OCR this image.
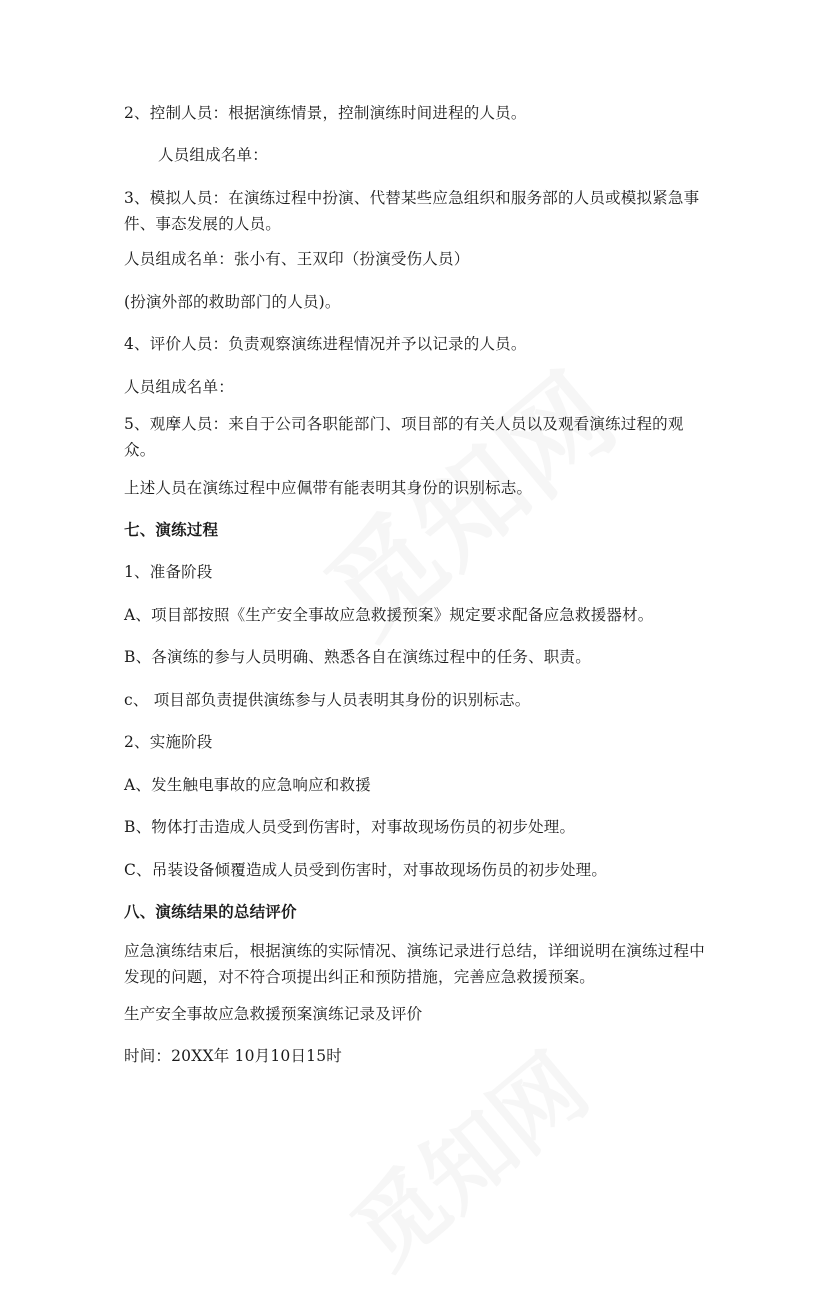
2、控制人员：根据演练情景，控制演练时间进程的人员。
人员组成名单：
3、模拟人员：在演练过程中扮演、代替某些应急组织和服务部的人员或模拟紧急事件、事态发展的人员。
人员组成名单：张小有、王双印（扮演受伤人员）
(扮演外部的救助部门的人员)。
4、评价人员：负责观察演练进程情况并予以记录的人员。
人员组成名单：
5、观摩人员：来自于公司各职能部门、项目部的有关人员以及观看演练过程的观众。
上述人员在演练过程中应佩带有能表明其身份的识别标志。
七、演练过程
1、准备阶段
A、项目部按照《生产安全事故应急救援预案》规定要求配备应急救援器材。
B、各演练的参与人员明确、熟悉各自在演练过程中的任务、职责。
c、 项目部负责提供演练参与人员表明其身份的识别标志。
2、实施阶段
A、发生触电事故的应急响应和救援
B、物体打击造成人员受到伤害时，对事故现场伤员的初步处理。
C、吊装设备倾覆造成人员受到伤害时，对事故现场伤员的初步处理。
八、演练结果的总结评价
应急演练结束后，根据演练的实际情况、演练记录进行总结，详细说明在演练过程中发现的问题，对不符合项提出纠正和预防措施，完善应急救援预案。
生产安全事故应急救援预案演练记录及评价
时间：20XX年 10月10日15时
